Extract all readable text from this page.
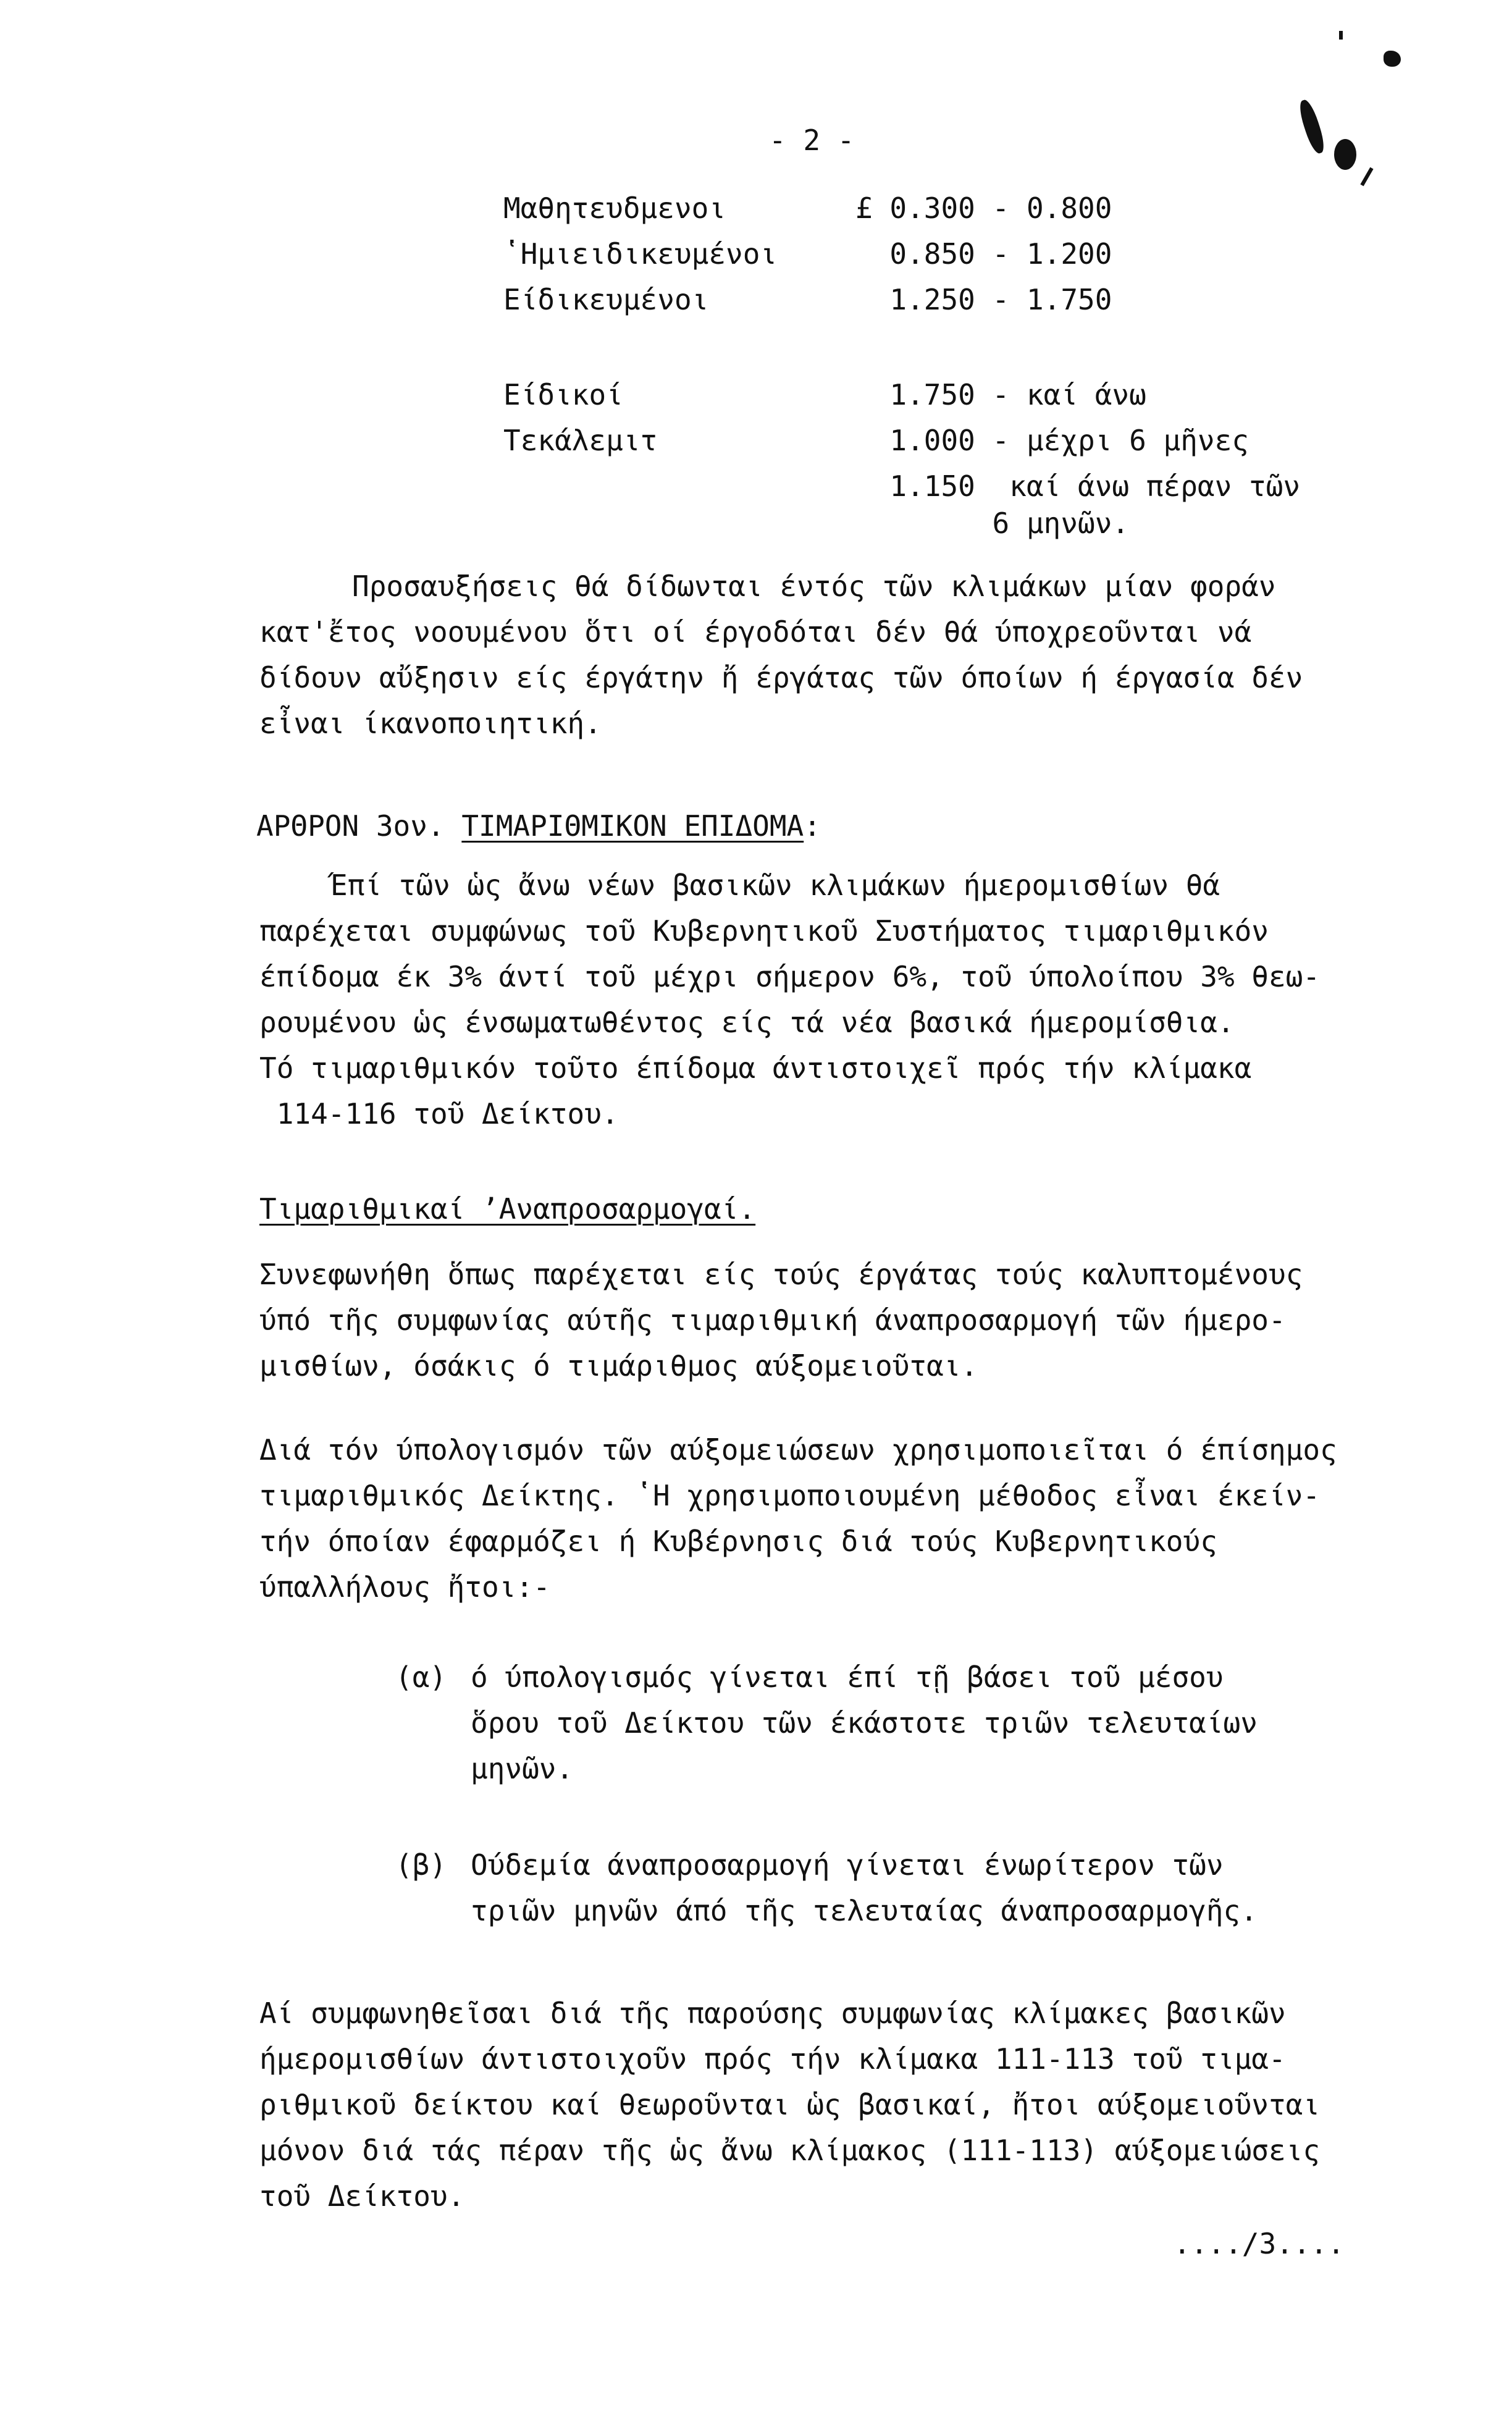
- 2 -
Μαθητευδμενοι	£ 0.300 - 0.800
ʽΗμιειδικευμένοι	0.850 - 1.200
Είδικευμένοι	1.250 - 1.750
Είδικοί	1.750 - καί άνω
Τεκάλεμιτ	1.000 - μέχρι 6 μῆνες
1.150  καί άνω πέραν τῶν
6 μηνῶν.
Προσαυξήσεις θά δίδωνται έντός τῶν κλιμάκων μίαν φοράν
κατ'ἔτος νοουμένου ὅτι οί έργοδόται δέν θά ύποχρεοῦνται νά
δίδουν αὔξησιν είς έργάτην ἤ έργάτας τῶν όποίων ή έργασία δέν
εἶναι ίκανοποιητική.
ΑΡΘΡΟΝ 3ον. ΤΙΜΑΡΙΘΜΙΚΟΝ ΕΠΙΔΟΜΑ:
Έπί τῶν ὡς ἄνω νέων βασικῶν κλιμάκων ήμερομισθίων θά
παρέχεται συμφώνως τοῦ Κυβερνητικοῦ Συστήματος τιμαριθμικόν
έπίδομα έκ 3% άντί τοῦ μέχρι σήμερον 6%, τοῦ ύπολοίπου 3% θεω-
ρουμένου ὡς ένσωματωθέντος είς τά νέα βασικά ήμερομίσθια.
Τό τιμαριθμικόν τοῦτο έπίδομα άντιστοιχεῖ πρός τήν κλίμακα
114-116 τοῦ Δείκτου.
Τιμαριθμικαί ʼΑναπροσαρμογαί.
Συνεφωνήθη ὅπως παρέχεται είς τούς έργάτας τούς καλυπτομένους
ύπό τῆς συμφωνίας αύτῆς τιμαριθμική άναπροσαρμογή τῶν ήμερο-
μισθίων, όσάκις ό τιμάριθμος αύξομειοῦται.
Διά τόν ύπολογισμόν τῶν αύξομειώσεων χρησιμοποιεῖται ό έπίσημος
τιμαριθμικός Δείκτης. ʽΗ χρησιμοποιουμένη μέθοδος εἶναι έκείν-
τήν όποίαν έφαρμόζει ή Κυβέρνησις διά τούς Κυβερνητικούς
ύπαλλήλους ἤτοι:-
(α) ό ύπολογισμός γίνεται έπί τῇ βάσει τοῦ μέσου
ὅρου τοῦ Δείκτου τῶν έκάστοτε τριῶν τελευταίων
μηνῶν.
(β) Ούδεμία άναπροσαρμογή γίνεται ένωρίτερον τῶν
τριῶν μηνῶν άπό τῆς τελευταίας άναπροσαρμογῆς.
Αί συμφωνηθεῖσαι διά τῆς παρούσης συμφωνίας κλίμακες βασικῶν
ήμερομισθίων άντιστοιχοῦν πρός τήν κλίμακα 111-113 τοῦ τιμα-
ριθμικοῦ δείκτου καί θεωροῦνται ὡς βασικαί, ἤτοι αύξομειοῦνται
μόνον διά τάς πέραν τῆς ὡς ἄνω κλίμακος (111-113) αύξομειώσεις
τοῦ Δείκτου.
..../3....
